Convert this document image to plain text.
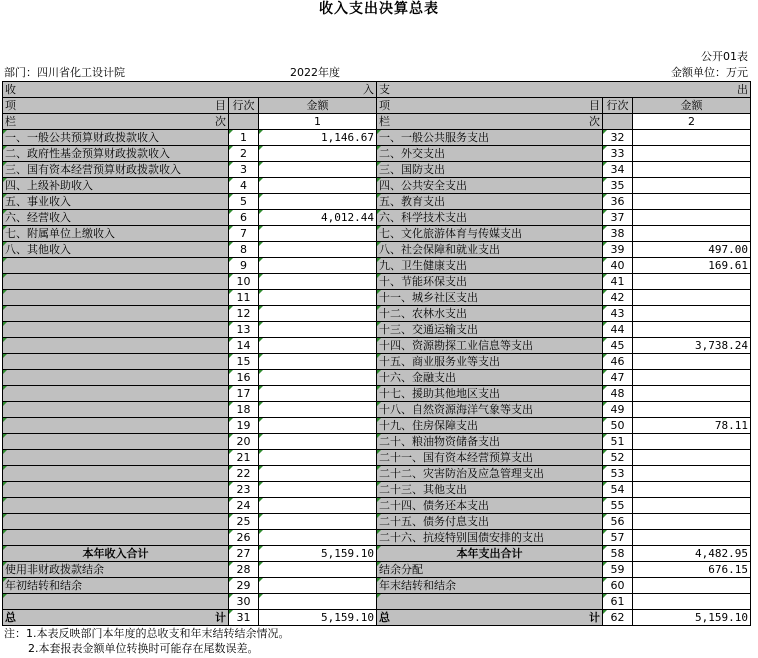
收入支出决算总表
公开01表
部门：四川省化工设计院	2022年度	金额单位：万元
收 入			支 出		

项 目	行次	金额	项 目	行次	金额

栏 次		1	栏 次		2
一、一般公共预算财政拨款收入	1	1,146.67	一、一般公共服务支出	32	
二、政府性基金预算财政拨款收入	2		二、外交支出	33	
三、国有资本经营预算财政拨款收入	3		三、国防支出	34	
四、上级补助收入	4		四、公共安全支出	35	
五、事业收入	5		五、教育支出	36	
六、经营收入	6	4,012.44	六、科学技术支出	37	
七、附属单位上缴收入	7		七、文化旅游体育与传媒支出	38	
八、其他收入	8		八、社会保障和就业支出	39	497.00
	9		九、卫生健康支出	40	169.61
	10		十、节能环保支出	41	
	11		十一、城乡社区支出	42	
	12		十二、农林水支出	43	
	13		十三、交通运输支出	44	
	14		十四、资源勘探工业信息等支出	45	3,738.24
	15		十五、商业服务业等支出	46	
	16		十六、金融支出	47	
	17		十七、援助其他地区支出	48	
	18		十八、自然资源海洋气象等支出	49	
	19		十九、住房保障支出	50	78.11
	20		二十、粮油物资储备支出	51	
	21		二十一、国有资本经营预算支出	52	
	22		二十二、灾害防治及应急管理支出	53	
	23		二十三、其他支出	54	
	24		二十四、债务还本支出	55	
	25		二十五、债务付息支出	56	
	26		二十六、抗疫特别国债安排的支出	57	
本年收入合计	27	5,159.10	本年支出合计	58	4,482.95
使用非财政拨款结余	28		结余分配	59	676.15
年初结转和结余	29		年末结转和结余	60	
	30			61	

总 计	31	5,159.10	总 计	62	5,159.10
注：1.本表反映部门本年度的总收支和年末结转结余情况。
2.本套报表金额单位转换时可能存在尾数误差。
